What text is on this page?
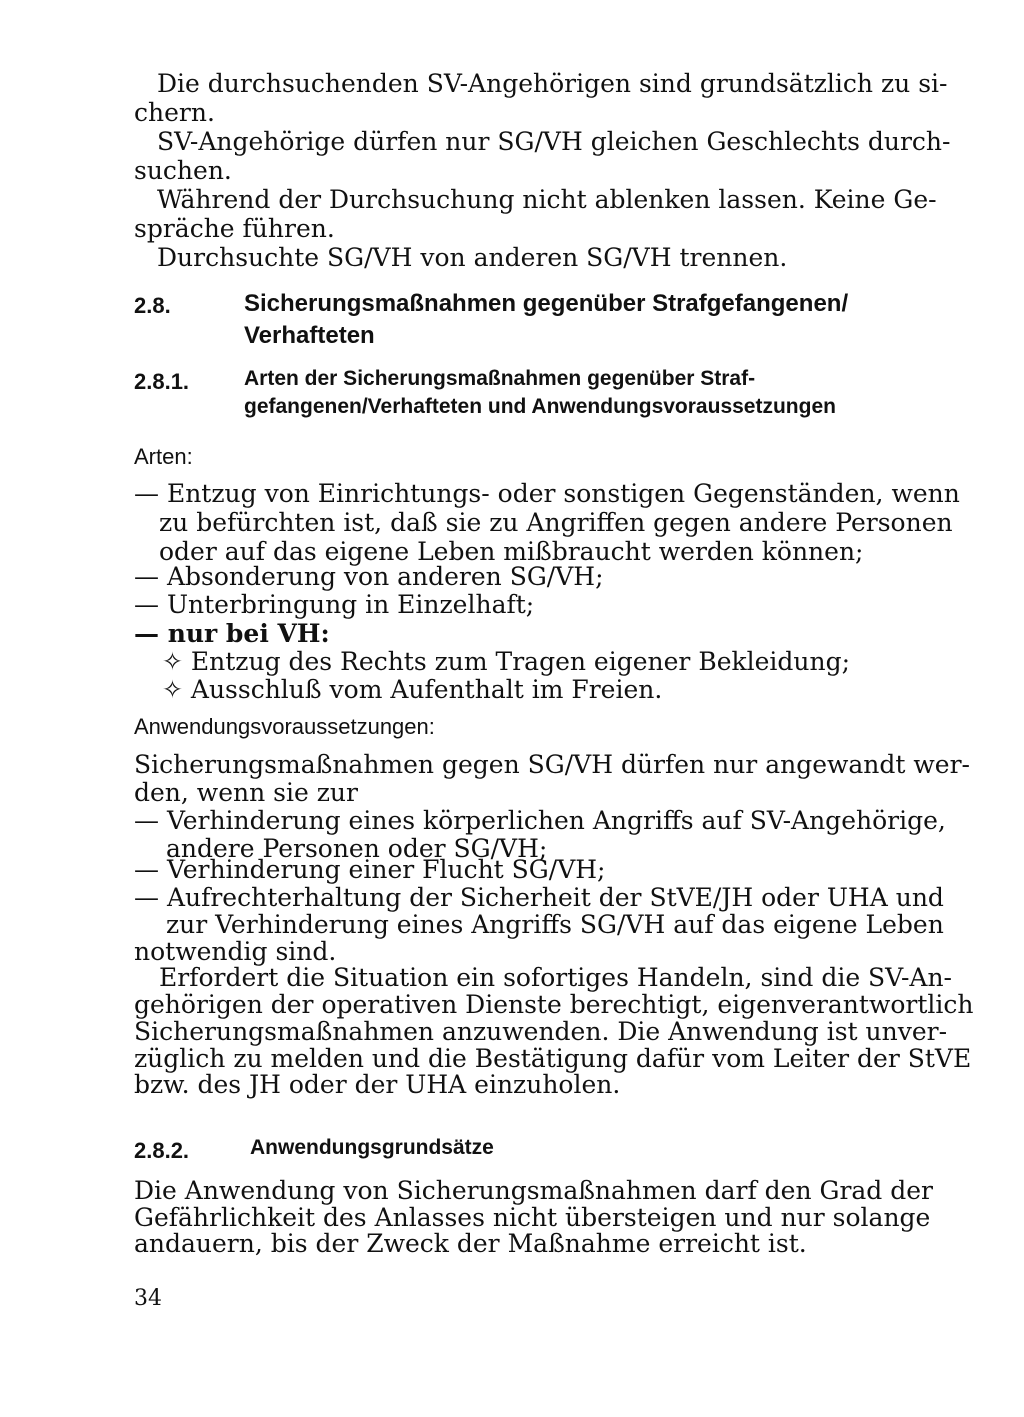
Die durchsuchenden SV-Angehörigen sind grundsätzlich zu si-
chern.
SV-Angehörige dürfen nur SG/VH gleichen Geschlechts durch-
suchen.
Während der Durchsuchung nicht ablenken lassen. Keine Ge-
spräche führen.
Durchsuchte SG/VH von anderen SG/VH trennen.
2.8.	Sicherungsmaßnahmen gegenüber Strafgefangenen/
Verhafteten
2.8.1.	Arten der Sicherungsmaßnahmen gegenüber Straf-
gefangenen/Verhafteten und Anwendungsvoraussetzungen
Arten:
— Entzug von Einrichtungs- oder sonstigen Gegenständen, wenn
zu befürchten ist, daß sie zu Angriffen gegen andere Personen
oder auf das eigene Leben mißbraucht werden können;
— Absonderung von anderen SG/VH;
— Unterbringung in Einzelhaft;
— nur bei VH:
✧ Entzug des Rechts zum Tragen eigener Bekleidung;
✧ Ausschluß vom Aufenthalt im Freien.
Anwendungsvoraussetzungen:
Sicherungsmaßnahmen gegen SG/VH dürfen nur angewandt wer-
den, wenn sie zur
— Verhinderung eines körperlichen Angriffs auf SV-Angehörige,
andere Personen oder SG/VH;
— Verhinderung einer Flucht SG/VH;
— Aufrechterhaltung der Sicherheit der StVE/JH oder UHA und
zur Verhinderung eines Angriffs SG/VH auf das eigene Leben
notwendig sind.
Erfordert die Situation ein sofortiges Handeln, sind die SV-An-
gehörigen der operativen Dienste berechtigt, eigenverantwortlich
Sicherungsmaßnahmen anzuwenden. Die Anwendung ist unver-
züglich zu melden und die Bestätigung dafür vom Leiter der StVE
bzw. des JH oder der UHA einzuholen.
2.8.2.	Anwendungsgrundsätze
Die Anwendung von Sicherungsmaßnahmen darf den Grad der
Gefährlichkeit des Anlasses nicht übersteigen und nur solange
andauern, bis der Zweck der Maßnahme erreicht ist.
34
